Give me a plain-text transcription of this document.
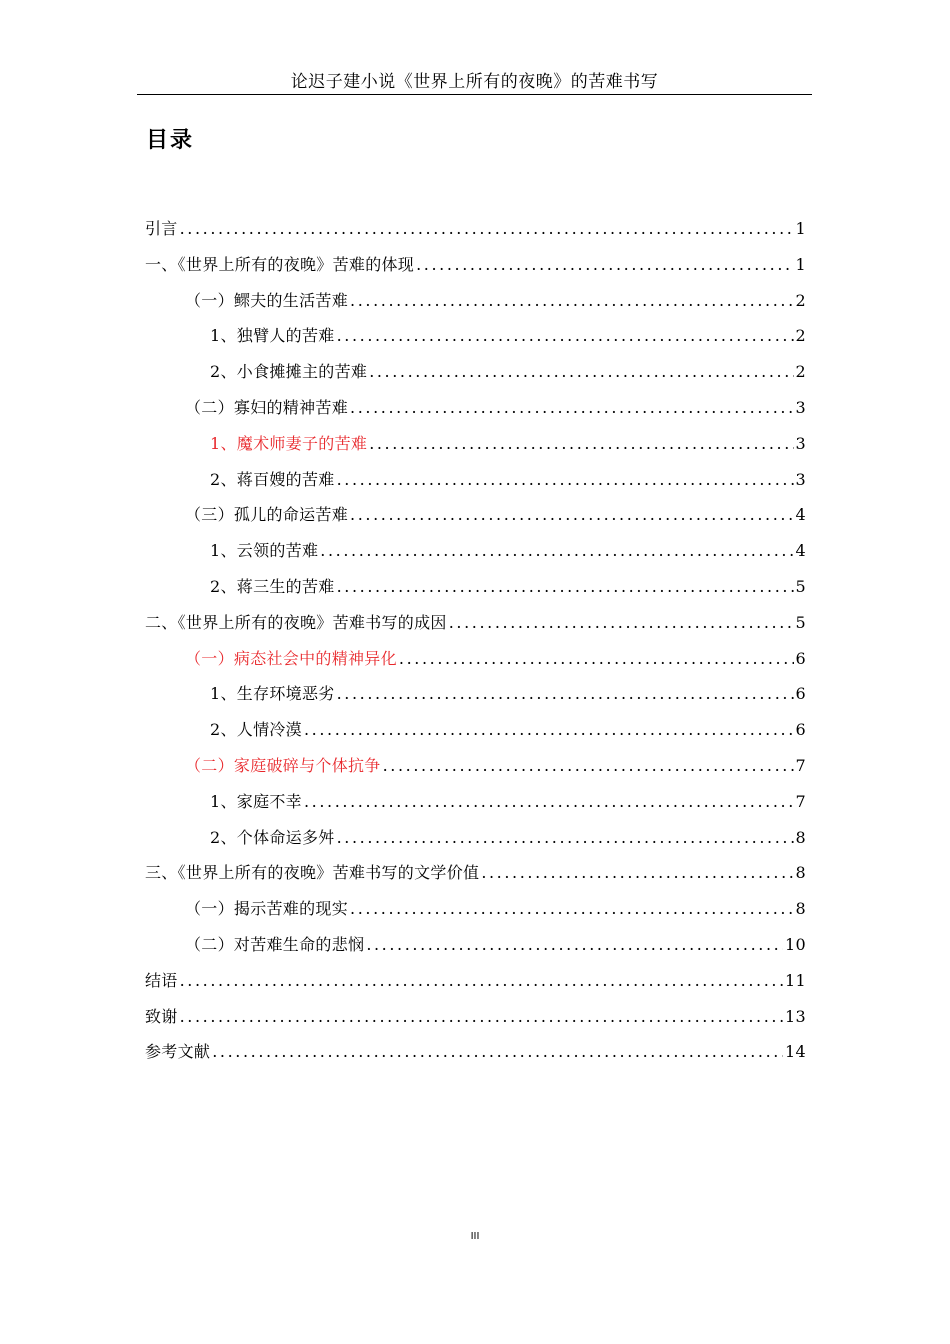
论迟子建小说《世界上所有的夜晚》的苦难书写
目录
引言 .....	1
一、《世界上所有的夜晚》苦难的体现 .....	1
（一）鳏夫的生活苦难 .....	2
1、独臂人的苦难 .....	2
2、小食摊摊主的苦难 .....	2
（二）寡妇的精神苦难 .....	3
1、魔术师妻子的苦难 .....	3
2、蒋百嫂的苦难 .....	3
（三）孤儿的命运苦难 .....	4
1、云领的苦难 .....	4
2、蒋三生的苦难 .....	5
二、《世界上所有的夜晚》苦难书写的成因 .....	5
（一）病态社会中的精神异化 .....	6
1、生存环境恶劣 .....	6
2、人情冷漠 .....	6
（二）家庭破碎与个体抗争 .....	7
1、家庭不幸 .....	7
2、个体命运多舛 .....	8
三、《世界上所有的夜晚》苦难书写的文学价值 .....	8
（一）揭示苦难的现实 .....	8
（二）对苦难生命的悲悯 .....	10
结语 .....	11
致谢 .....	13
参考文献 .....	14
III
